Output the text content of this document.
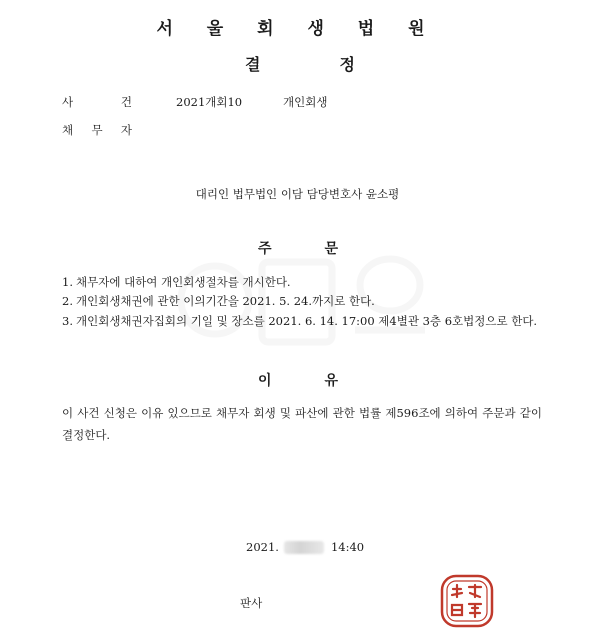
서 울 회 생 법 원
결	정
사	건	2021개회10	개인회생
채 무 자
대리인 법무법인 이담 담당변호사 윤소평
주	문
1. 채무자에 대하여 개인회생절차를 개시한다.
2. 개인회생채권에 관한 이의기간을 2021. 5. 24.까지로 한다.
3. 개인회생채권자집회의 기일 및 장소를 2021. 6. 14. 17:00 제4별관 3층 6호법정으로 한다.
이	유
이 사건 신청은 이유 있으므로 채무자 회생 및 파산에 관한 법률 제596조에 의하여 주문과 같이 결정한다.
2021.	14:40
판사
